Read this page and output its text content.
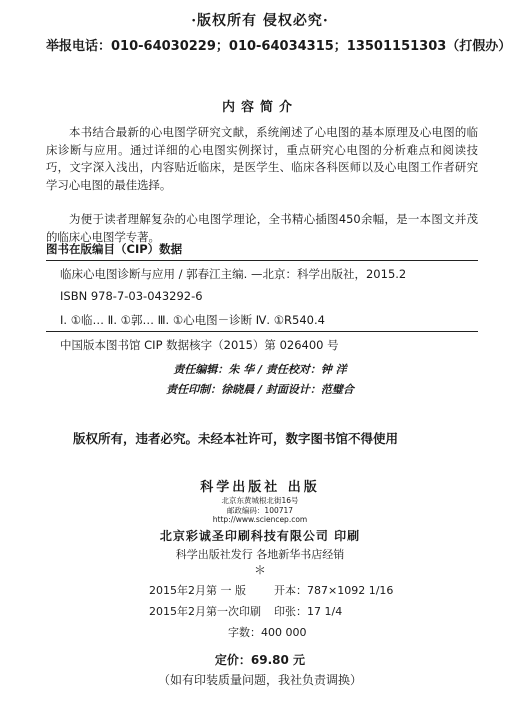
·版权所有 侵权必究·
举报电话：010-64030229；010-64034315；13501151303（打假办）
内容简介
本书结合最新的心电图学研究文献，系统阐述了心电图的基本原理及心电图的临床诊断与应用。通过详细的心电图实例探讨，重点研究心电图的分析难点和阅读技巧，文字深入浅出，内容贴近临床，是医学生、临床各科医师以及心电图工作者研究学习心电图的最佳选择。
为便于读者理解复杂的心电图学理论，全书精心插图450余幅，是一本图文并茂的临床心电图学专著。
图书在版编目（CIP）数据
临床心电图诊断与应用 / 郭春江主编. —北京：科学出版社，2015.2
ISBN 978-7-03-043292-6
Ⅰ. ①临… Ⅱ. ①郭… Ⅲ. ①心电图－诊断 Ⅳ. ①R540.4
中国版本图书馆 CIP 数据核字（2015）第 026400 号
责任编辑：朱 华 / 责任校对：钟 洋
责任印制：徐晓晨 / 封面设计：范璧合
版权所有，违者必究。未经本社许可，数字图书馆不得使用
科学出版社 出版
北京东黄城根北街16号
邮政编码：100717
http://www.sciencep.com
北京彩诚圣印刷科技有限公司 印刷
科学出版社发行 各地新华书店经销
＊
2015年2月第 一 版	开本：787×1092 1/16
2015年2月第一次印刷 印张：17 1/4
字数：400 000
定价：69.80 元
（如有印装质量问题，我社负责调换）
